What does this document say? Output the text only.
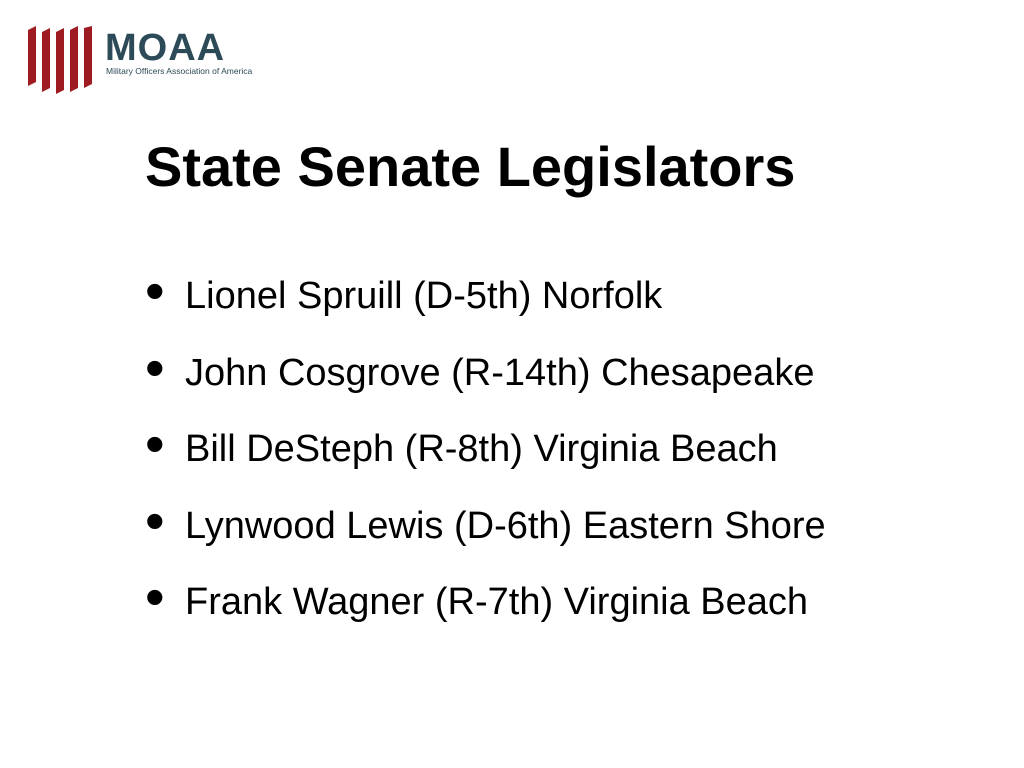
MOAA
Military Officers Association of America
State Senate Legislators
• Lionel Spruill (D-5th) Norfolk
• John Cosgrove (R-14th) Chesapeake
• Bill DeSteph (R-8th) Virginia Beach
• Lynwood Lewis (D-6th) Eastern Shore
• Frank Wagner (R-7th) Virginia Beach
